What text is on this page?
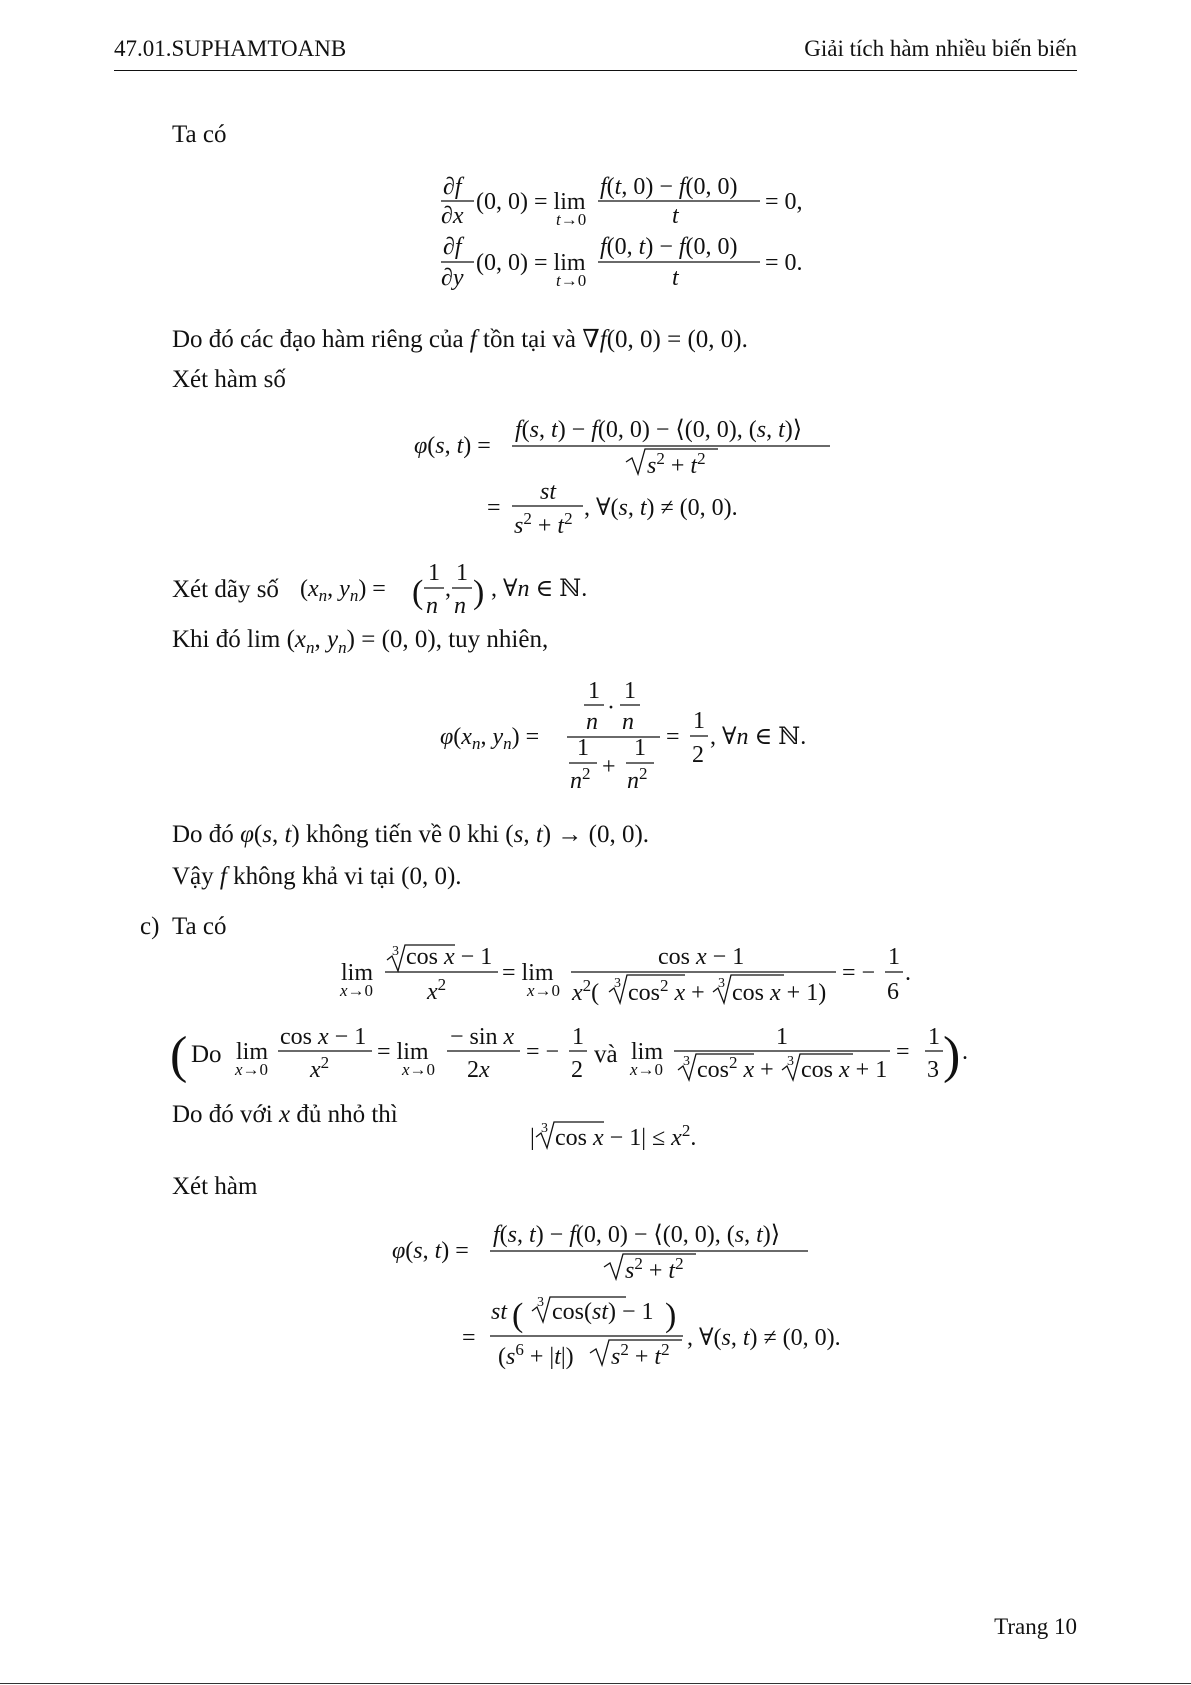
47.01.SUPHAMTOANB	Giải tích hàm nhiều biến biến
Ta có
∂f
∂x
(0, 0) = lim
t→0
f(t, 0) − f(0, 0)
t
= 0,
∂f
∂y
(0, 0) = lim
t→0
f(0, t) − f(0, 0)
t
= 0.
Do đó các đạo hàm riêng của f tồn tại và ∇f(0, 0) = (0, 0).
Xét hàm số
φ(s, t) =
f(s, t) − f(0, 0) − ⟨(0, 0), (s, t)⟩
$s^2 + t^2$
=
st
$s^2 + t^2$ , ∀(s, t) ≠ (0, 0).
Xét dãy số ($x_n$, $y_n$) = (
1
n
,
1
n ) , ∀n ∈ ℕ.
Khi đó $\lim (x_n$, $y_n) = (0$, 0), tuy nhiên,
$\varphi(x_n$, $y_n$) =
1
n
·
1
n
1
$n^2$ +
1
$n^2$
=
1
2
, ∀n ∈ ℕ.
Do đó φ(s, t) không tiến về 0 khi (s, t) → (0, 0).
Vậy f không khả vi tại (0, 0).
c) Ta có
lim
x→0
3 cos x − 1
$x^2 = \lim$
x→0
cos x − 1
$x^2$( 3 $\cos^2 x + 3$ cos x + 1)
= −
1
6
.
Do	và
( lim
x→0
cos x − 1
$x^2 = \lim$
x→0
− sin x
2x
= −
1
2
lim
x→0
1
3 $\cos^2 x + 3$ cos x + 1
=
1
3 ) .
Do đó với x đủ nhỏ thì
| 3 $\cos x - 1| \le x^2$.
Xét hàm
φ(s, t) =
f(s, t) − f(0, 0) − ⟨(0, 0), (s, t)⟩
$s^2 + t^2$
=
st ( 3 cos(st) − 1 )
$(s^6 + |t|) s^2 + t^2$ , ∀(s, t) ≠ (0, 0).
Trang 10
